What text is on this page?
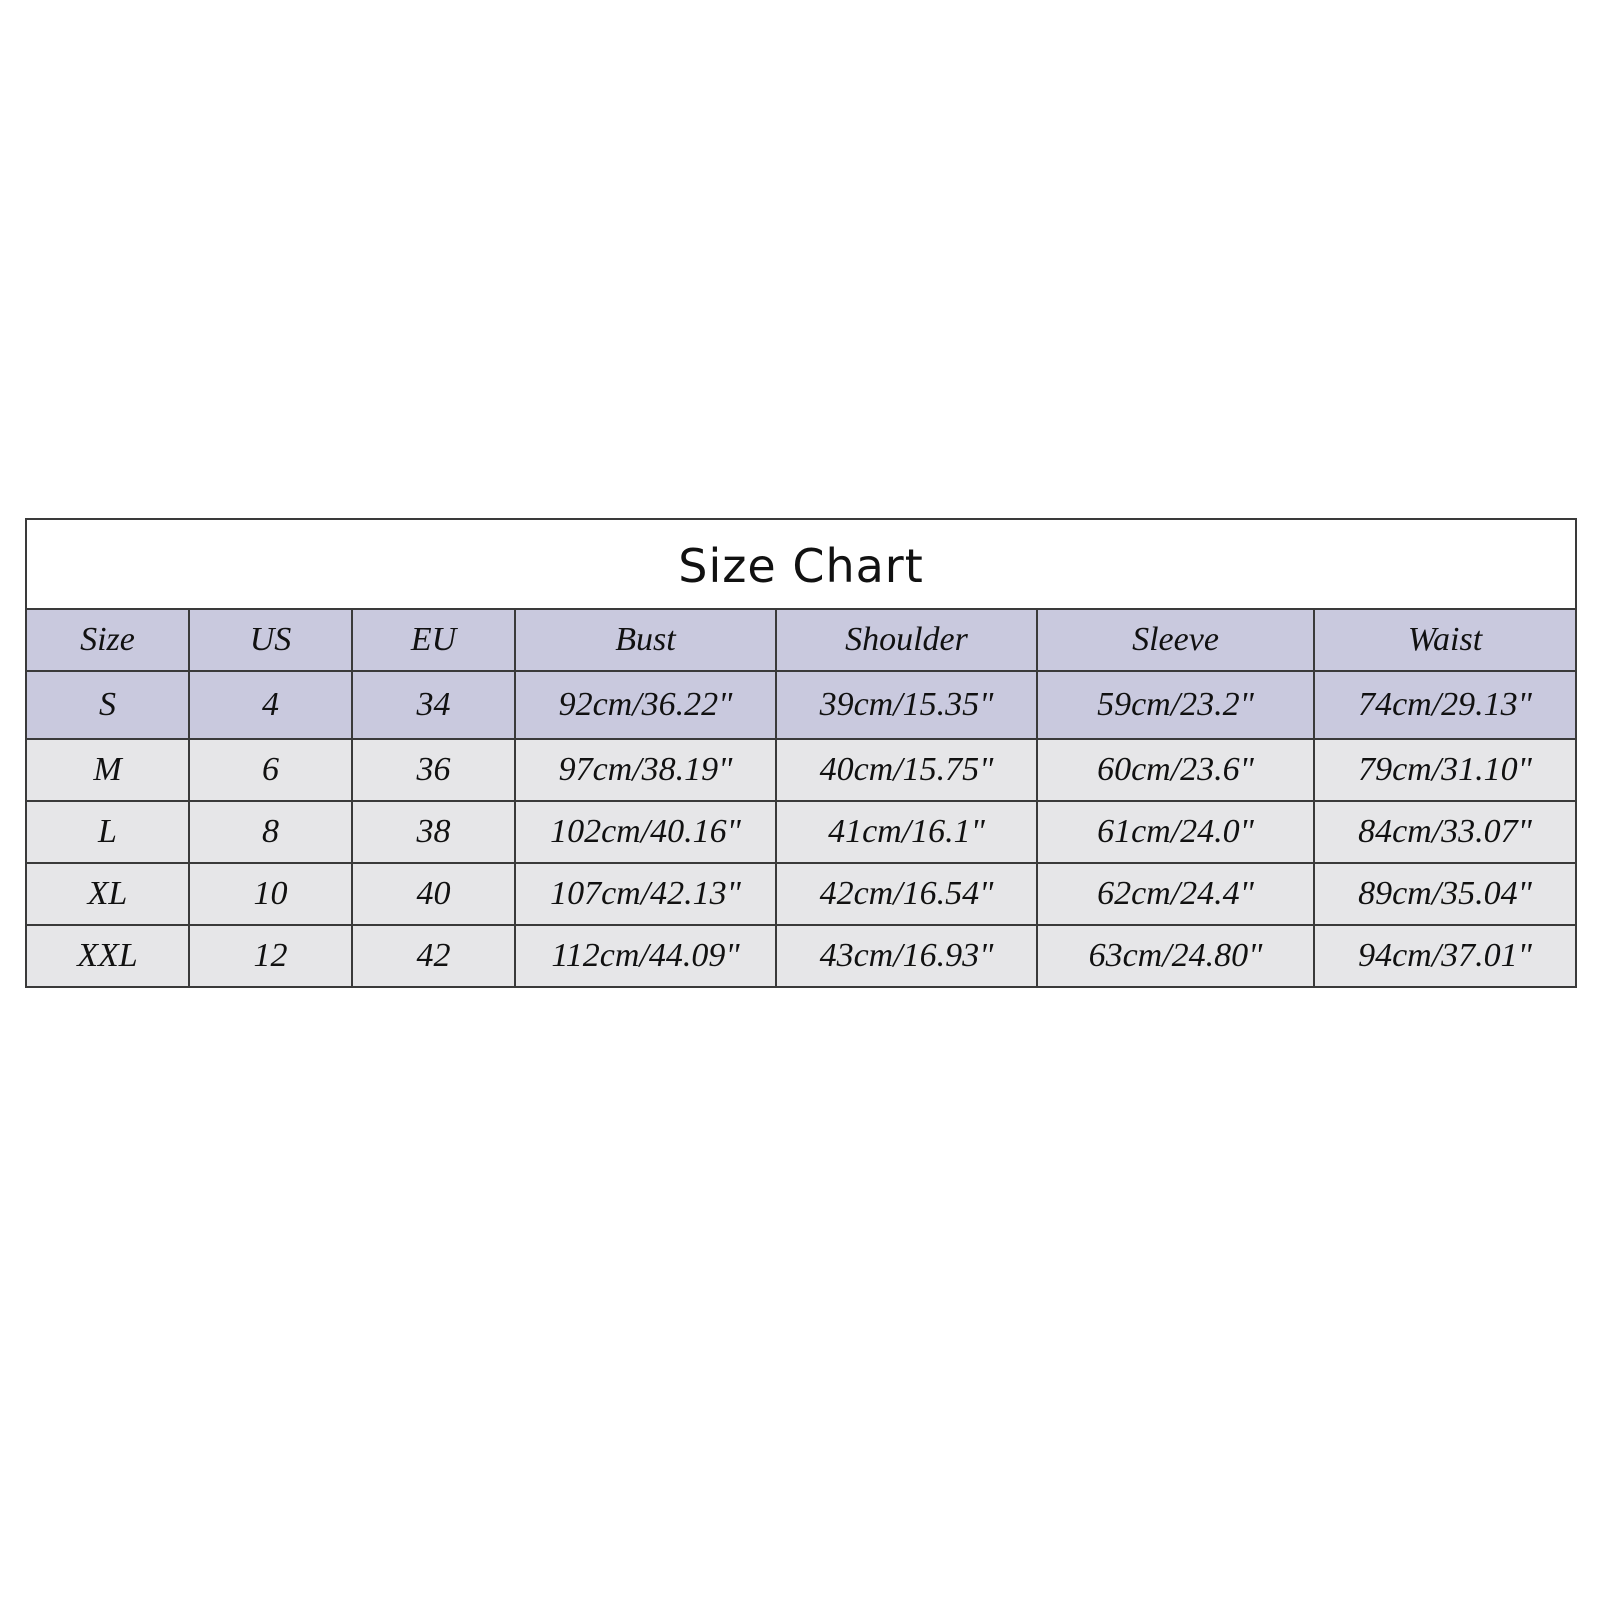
Size Chart						
Size	US	EU	Bust	Shoulder	Sleeve	Waist
S	4	34	92cm/36.22"	39cm/15.35"	59cm/23.2"	74cm/29.13"
M	6	36	97cm/38.19"	40cm/15.75"	60cm/23.6"	79cm/31.10"
L	8	38	102cm/40.16"	41cm/16.1"	61cm/24.0"	84cm/33.07"
XL	10	40	107cm/42.13"	42cm/16.54"	62cm/24.4"	89cm/35.04"
XXL	12	42	112cm/44.09"	43cm/16.93"	63cm/24.80"	94cm/37.01"
